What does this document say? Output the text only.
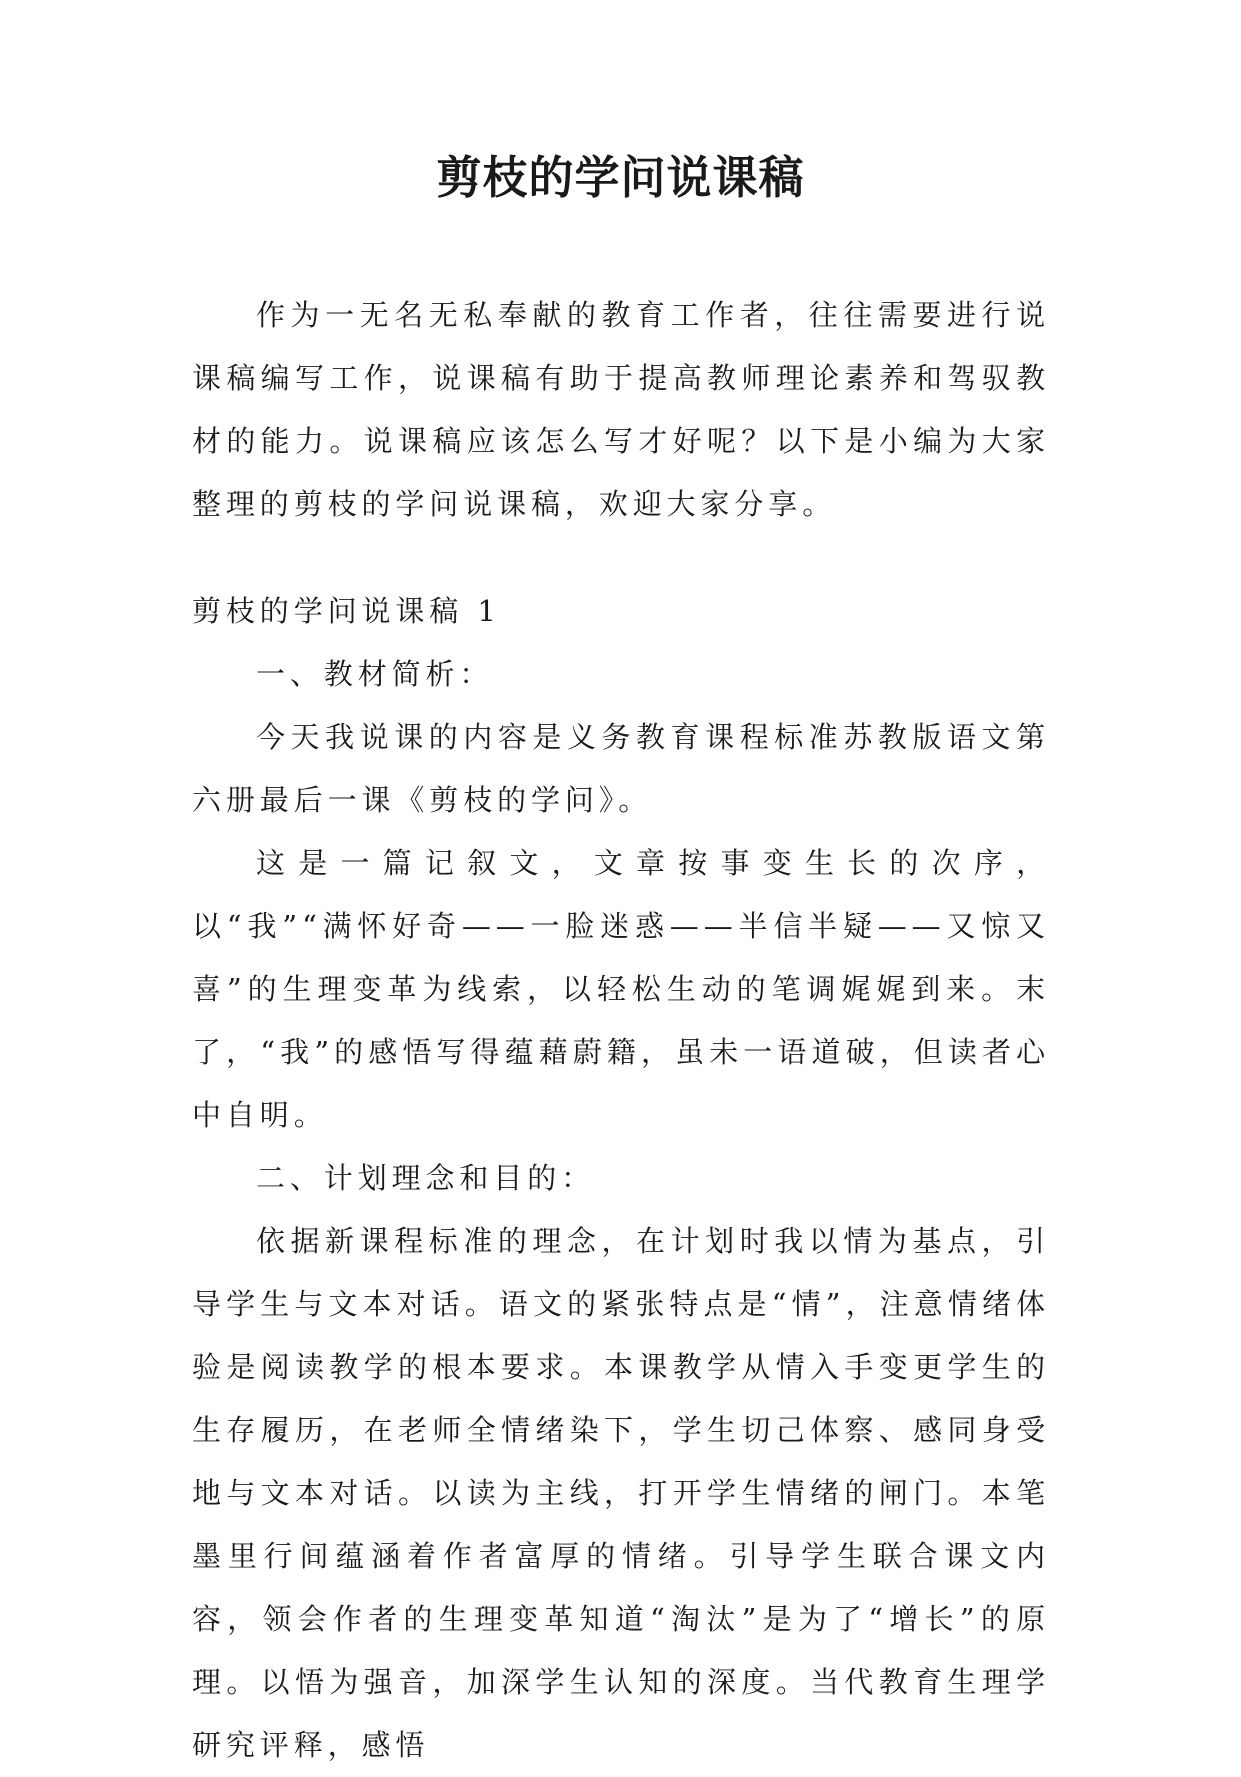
剪枝的学问说课稿

作为一无名无私奉献的教育工作者，往往需要进行说课稿编写工作，说课稿有助于提高教师理论素养和驾驭教材的能力。说课稿应该怎么写才好呢？以下是小编为大家整理的剪枝的学问说课稿，欢迎大家分享。

剪枝的学问说课稿 1

一、教材简析：

今天我说课的内容是义务教育课程标准苏教版语文第六册最后一课《剪枝的学问》。

这是一篇记叙文，文章按事变生长的次序，以“我”“满怀好奇——一脸迷惑——半信半疑——又惊又喜”的生理变革为线索，以轻松生动的笔调娓娓到来。末了，“我”的感悟写得蕴藉蔚籍，虽未一语道破，但读者心中自明。

二、计划理念和目的：

依据新课程标准的理念，在计划时我以情为基点，引导学生与文本对话。语文的紧张特点是“情”，注意情绪体验是阅读教学的根本要求。本课教学从情入手变更学生的生存履历，在老师全情绪染下，学生切己体察、感同身受地与文本对话。以读为主线，打开学生情绪的闸门。本笔墨里行间蕴涵着作者富厚的情绪。引导学生联合课文内容，领会作者的生理变革知道“淘汰”是为了“增长”的原理。以悟为强音，加深学生认知的深度。当代教育生理学研究评释，感悟
